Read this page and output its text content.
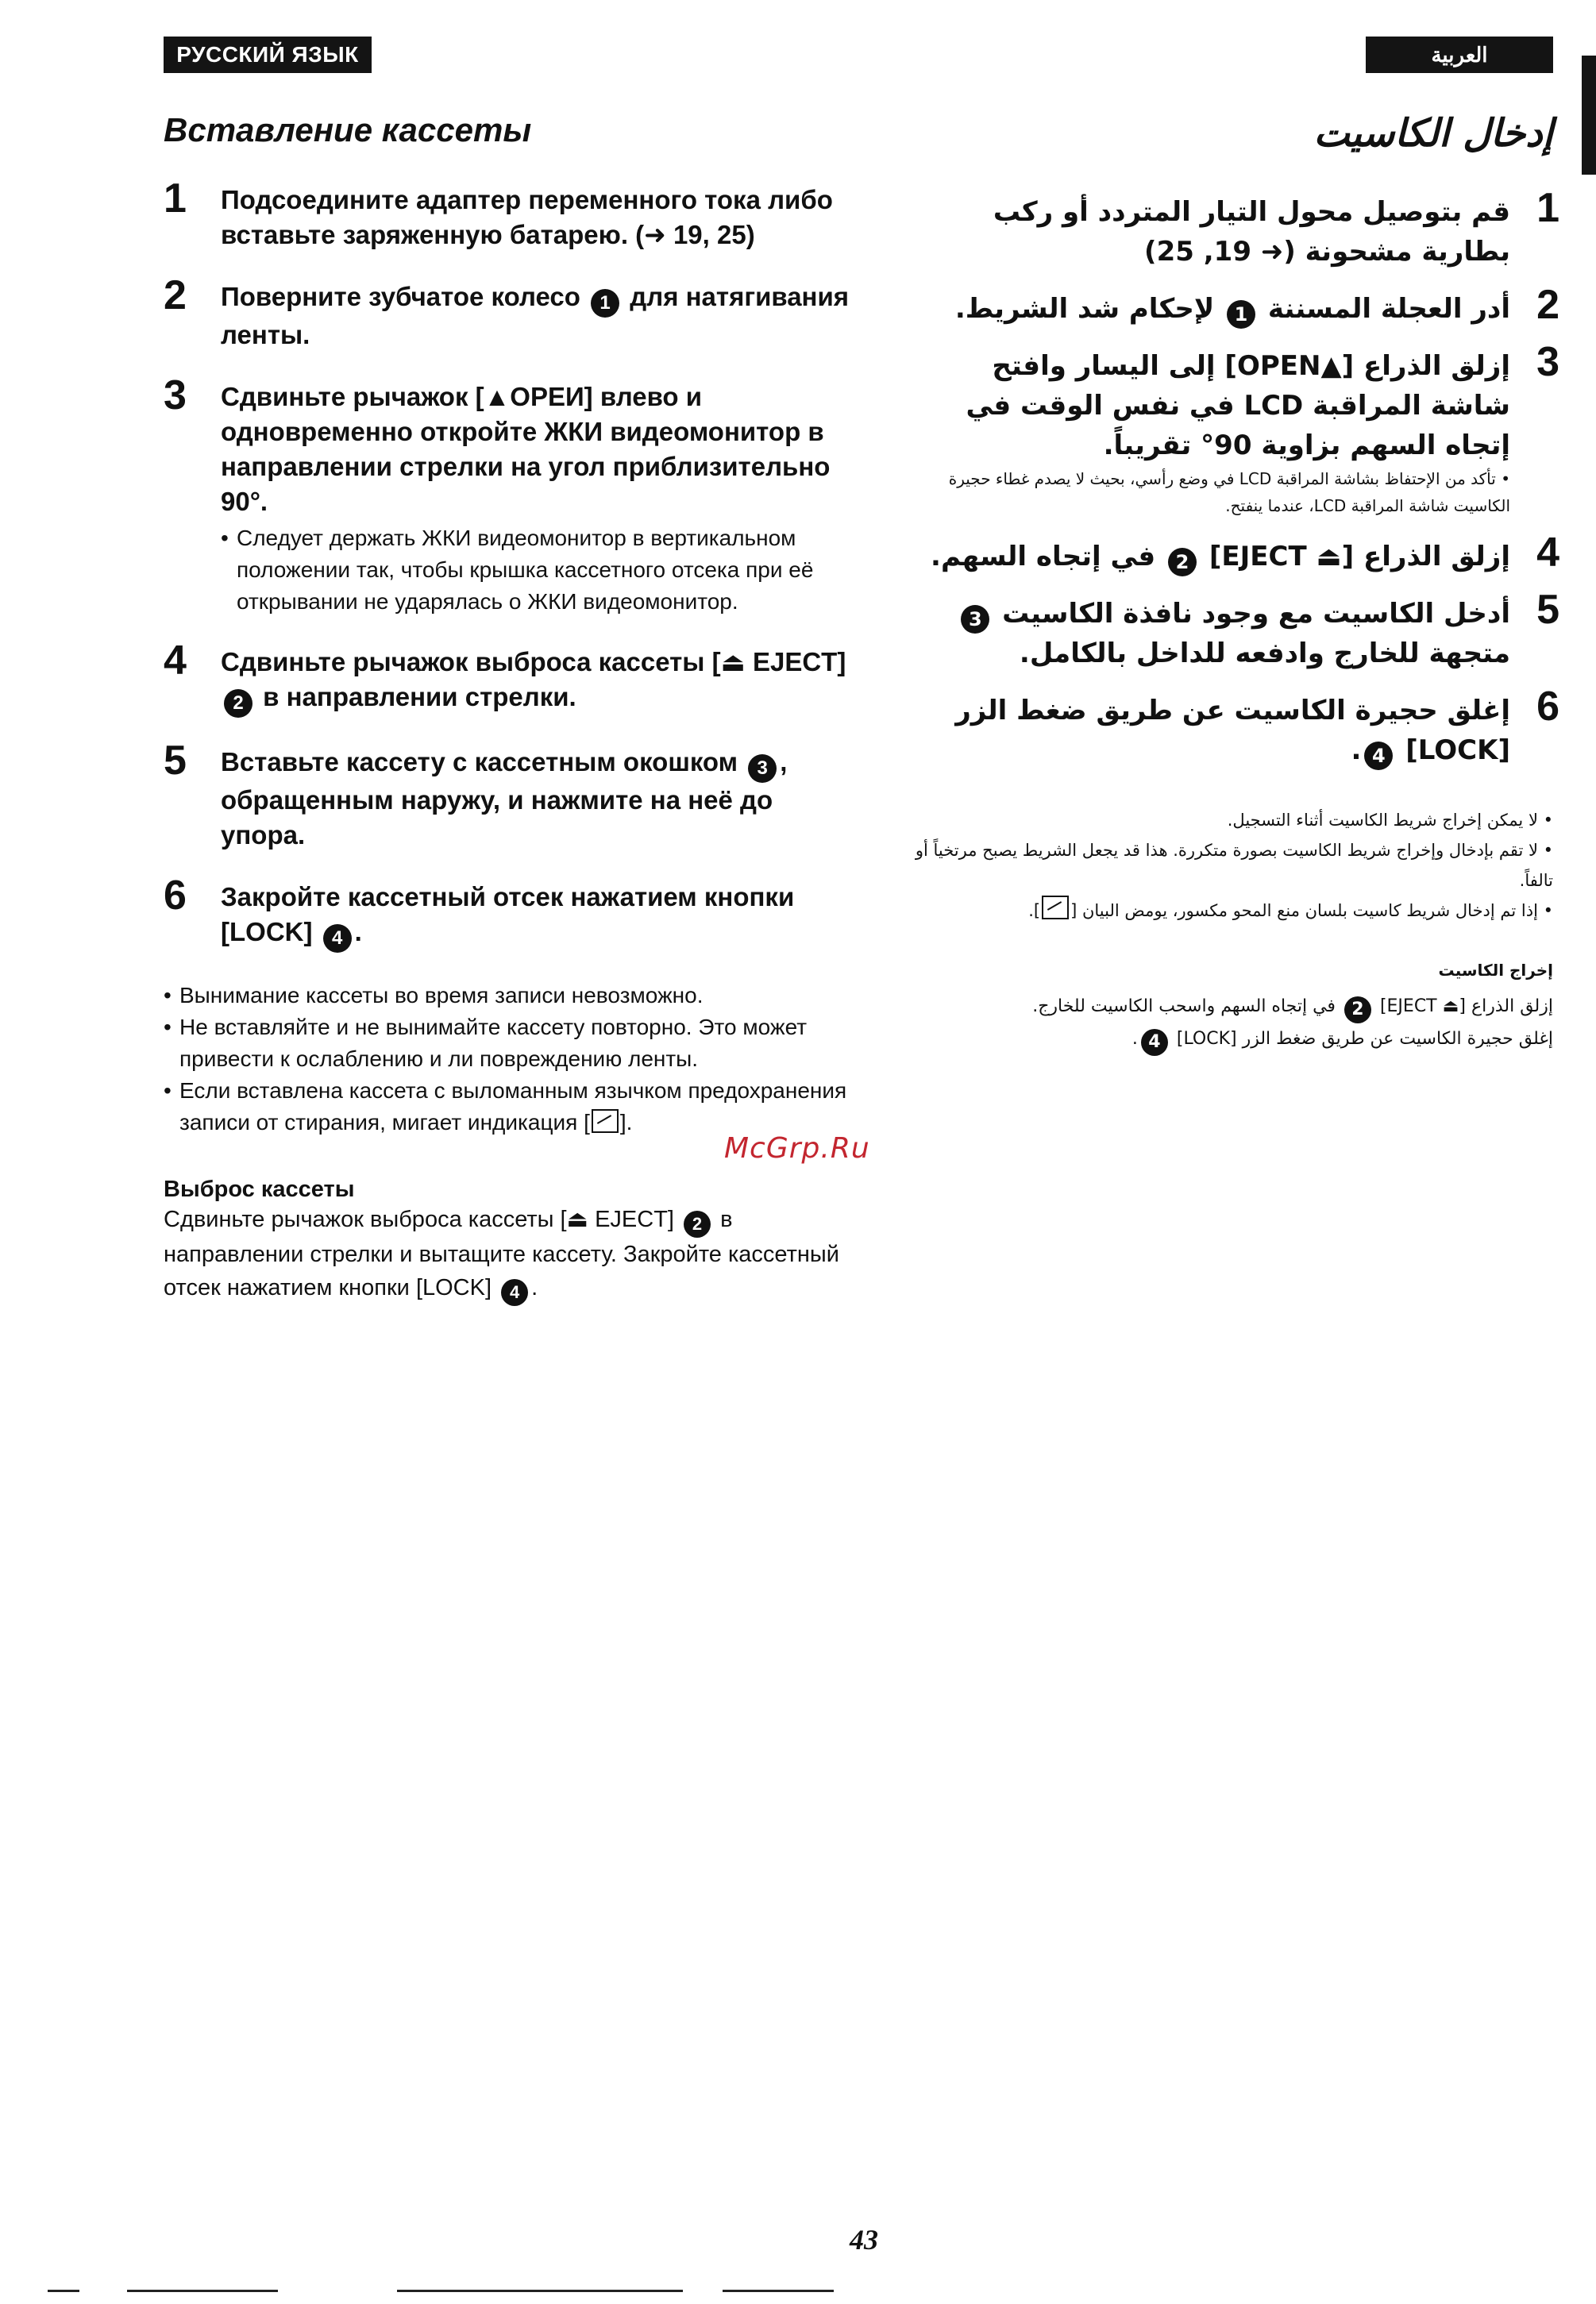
РУССКИЙ ЯЗЫК	العربية
Вставление кассеты
1 Подсоедините адаптер переменного тока либо вставьте заряженную батарею. (➜ 19, 25)
2 Поверните зубчатое колесо 1 для натягивания ленты.
3 Сдвиньте рычажок [▲OPEИ] влево и одновременно откройте ЖКИ видеомонитор в направлении стрелки на угол приблизительно 90°.
• Следует держать ЖКИ видеомонитор в вертикальном положении так, чтобы крышка кассетного отсека при её открывании не ударялась о ЖКИ видеомонитор.
4 Сдвиньте рычажок выброса кассеты [⏏ EJECT] 2 в направлении стрелки.
5 Вставьте кассету с кассетным окошком 3 , обращенным наружу, и нажмите на неё до упора.
6 Закройте кассетный отсек нажатием кнопки [LOCK] 4 .
• Вынимание кассеты во время записи невозможно.
• Не вставляйте и не вынимайте кассету повторно. Это может привести к ослаблению и ли повреждению ленты.
• Если вставлена кассета с выломанным язычком предохранения записи от стирания, мигает индикация [ ].
Выброс кассеты
Сдвиньте рычажок выброса кассеты [⏏ EJECT] 2 в направлении стрелки и вытащите кассету. Закройте кассетный отсек нажатием кнопки [LOCK] 4 .
McGrp.Ru
إدخال الكاسيت
1
قم بتوصيل محول التيار المتردد أو ركب بطارية مشحونة (➜ 19, 25)
2
أدر العجلة المسننة 1 لإحكام شد الشريط.
3
إزلق الذراع [▲OPEN] إلى اليسار وافتح شاشة المراقبة LCD في نفس الوقت في إتجاه السهم بزاوية 90° تقريباً.
• تأكد من الإحتفاظ بشاشة المراقبة LCD في وضع رأسي، بحيث لا يصدم غطاء حجيرة الكاسيت شاشة المراقبة LCD، عندما ينفتح.
4
إزلق الذراع [⏏ EJECT] 2 في إتجاه السهم.
5
أدخل الكاسيت مع وجود نافذة الكاسيت 3 متجهة للخارج وادفعه للداخل بالكامل.
6
إغلق حجيرة الكاسيت عن طريق ضغط الزر [LOCK] 4.
• لا يمكن إخراج شريط الكاسيت أثناء التسجيل.
• لا تقم بإدخال وإخراج شريط الكاسيت بصورة متكررة. هذا قد يجعل الشريط يصبح مرتخياً أو تالفاً.
• إذا تم إدخال شريط كاسيت بلسان منع المحو مكسور، يومض البيان [].
إخراج الكاسيت
إزلق الذراع [⏏ EJECT] 2 في إتجاه السهم واسحب الكاسيت للخارج.
إغلق حجيرة الكاسيت عن طريق ضغط الزر [LOCK] 4.
43
